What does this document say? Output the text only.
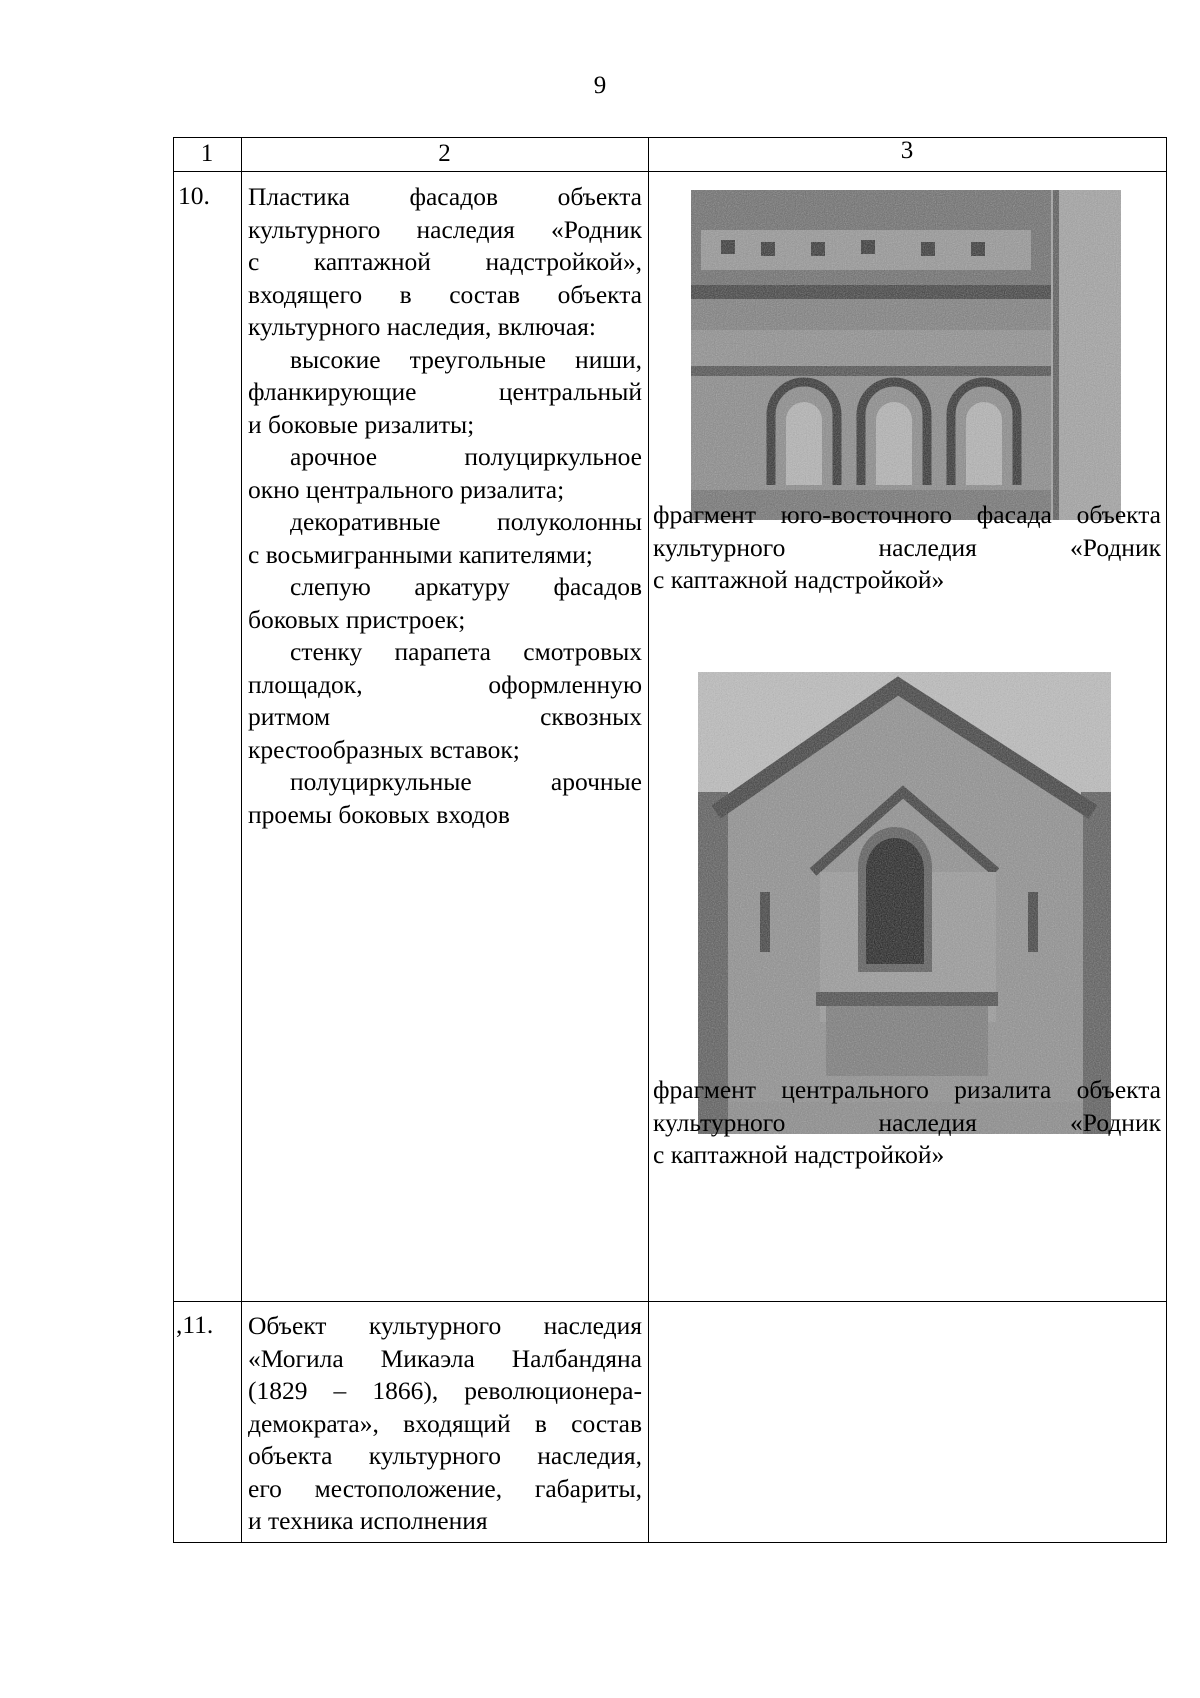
9
1	2	3
10. Пластика фасадов объекта
культурного наследия «Родник
с каптажной надстройкой»,
входящего в состав объекта
культурного наследия, включая:
высокие треугольные ниши,
фланкирующие центральный
и боковые ризалиты;
арочное полуциркульное
окно центрального ризалита;
декоративные полуколонны
с восьмигранными капителями;
слепую аркатуру фасадов
боковых пристроек;
стенку парапета смотровых
площадок, оформленную
ритмом сквозных
крестообразных вставок;
полуциркульные арочные
проемы боковых входов
фрагмент юго-восточного фасада объекта
культурного наследия «Родник
с каптажной надстройкой»
фрагмент центрального ризалита объекта
культурного наследия «Родник
с каптажной надстройкой»
,11. Объект культурного наследия
«Могила Микаэла Налбандяна
(1829 – 1866), революционера-
демократа», входящий в состав
объекта культурного наследия,
его местоположение, габариты,
и техника исполнения
